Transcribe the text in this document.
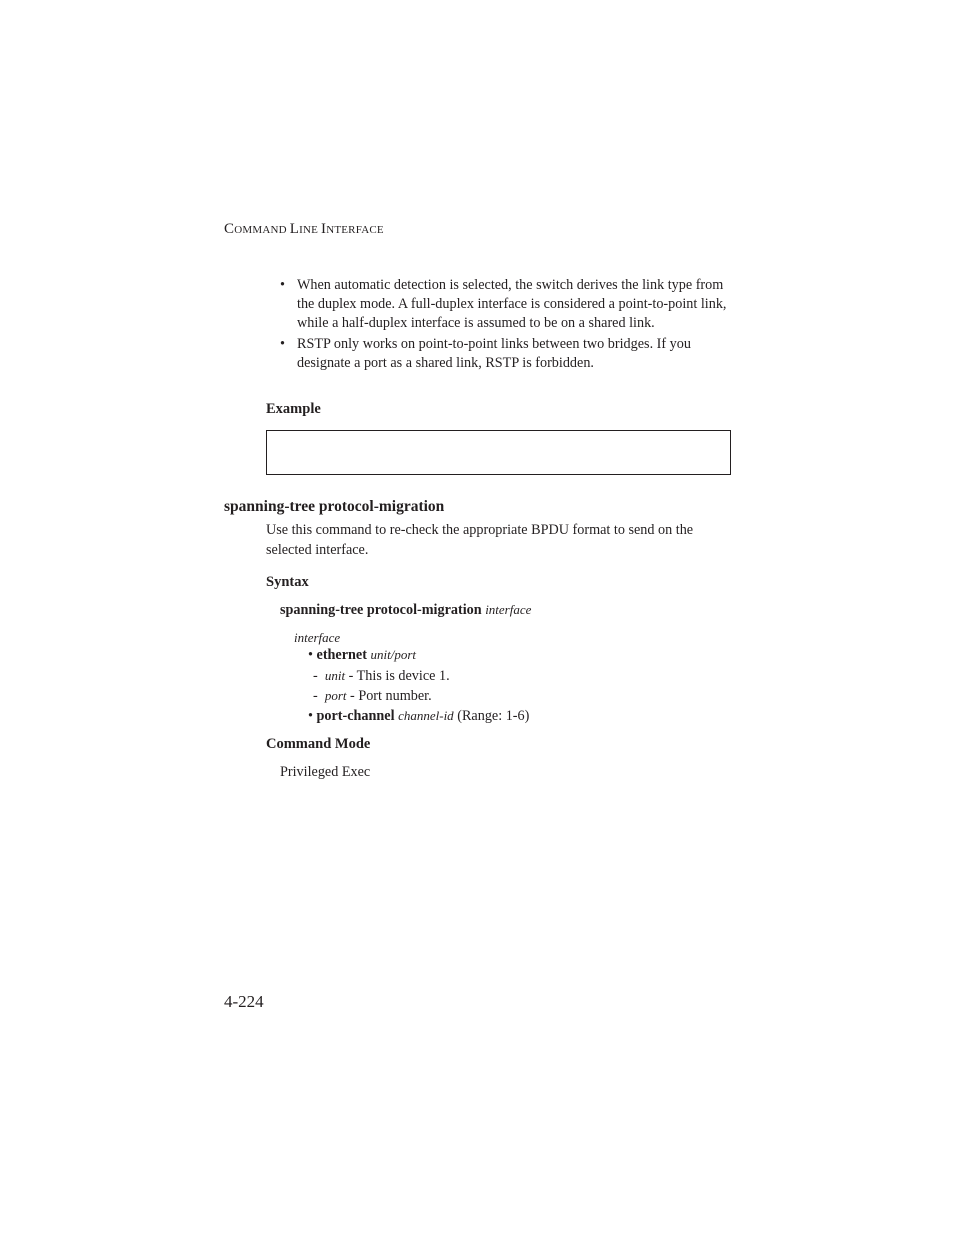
COMMAND LINE INTERFACE
• When automatic detection is selected, the switch derives the link type from the duplex mode. A full-duplex interface is considered a point-to-point link, while a half-duplex interface is assumed to be on a shared link.
• RSTP only works on point-to-point links between two bridges. If you designate a port as a shared link, RSTP is forbidden.
Example
spanning-tree protocol-migration
Use this command to re-check the appropriate BPDU format to send on the selected interface.
Syntax
spanning-tree protocol-migration interface
interface
• ethernet unit/port
- unit - This is device 1.
- port - Port number.
• port-channel channel-id (Range: 1-6)
Command Mode
Privileged Exec
4-224
